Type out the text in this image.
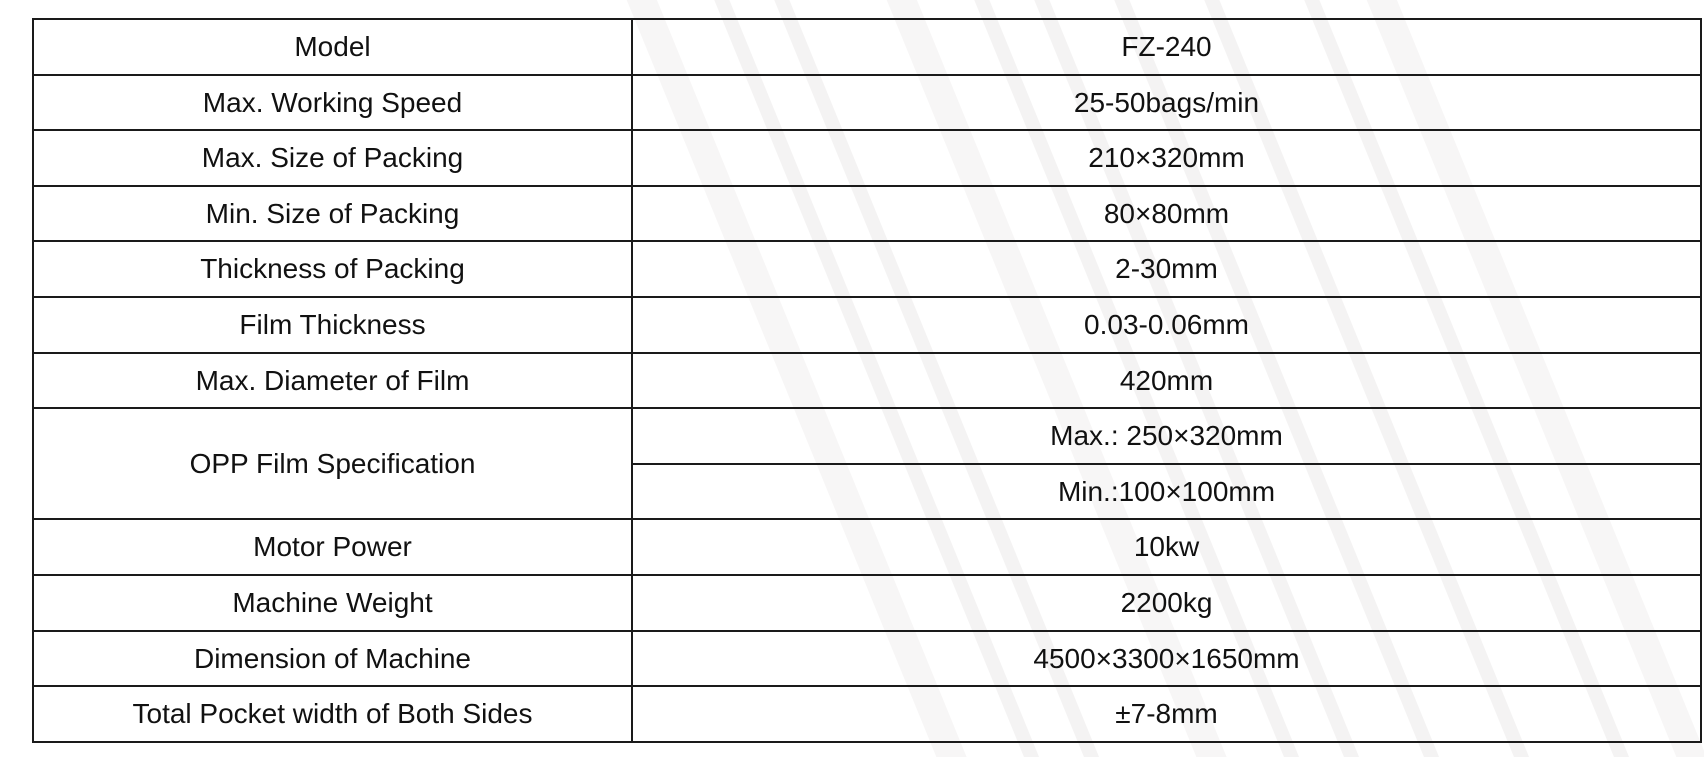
Model	FZ-240
Max. Working Speed	25-50bags/min
Max. Size of Packing	210×320mm
Min. Size of Packing	80×80mm
Thickness of Packing	2-30mm
Film Thickness	0.03-0.06mm
Max. Diameter of Film	420mm
OPP Film Specification	Max.: 250×320mm
	Min.:100×100mm
Motor Power	10kw
Machine Weight	2200kg
Dimension of Machine	4500×3300×1650mm
Total Pocket width of Both Sides	±7-8mm
